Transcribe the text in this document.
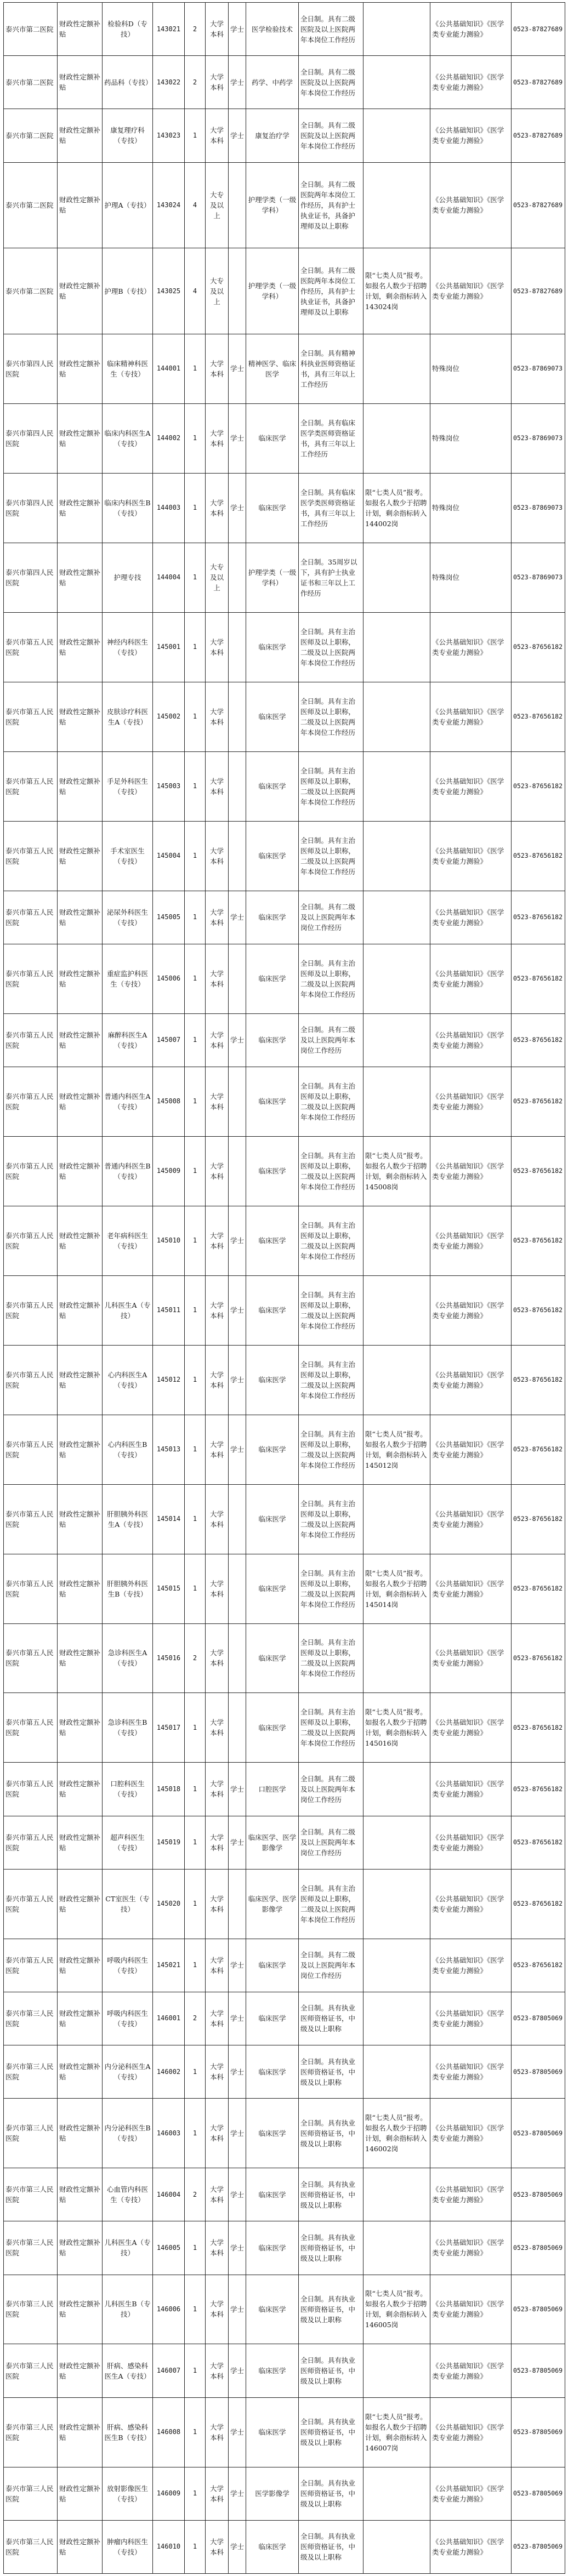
泰兴市第二医院	财政性定额补贴	检验科D（专技）	143021	2	大学本科	学士	医学检验技术	全日制。具有二级医院及以上医院两年本岗位工作经历		《公共基础知识》《医学类专业能力测验》	0523-87827689
泰兴市第二医院	财政性定额补贴	药品科（专技）	143022	2	大学本科	学士	药学、中药学	全日制。具有二级医院及以上医院两年本岗位工作经历		《公共基础知识》《医学类专业能力测验》	0523-87827689
泰兴市第二医院	财政性定额补贴	康复理疗科（专技）	143023	1	大学本科	学士	康复治疗学	全日制。具有二级医院及以上医院两年本岗位工作经历		《公共基础知识》《医学类专业能力测验》	0523-87827689
泰兴市第二医院	财政性定额补贴	护理A（专技）	143024	4	大专及以上		护理学类（一级学科）	全日制。具有二级医院两年本岗位工作经历，具有护士执业证书，具备护理师及以上职称		《公共基础知识》《医学类专业能力测验》	0523-87827689
泰兴市第二医院	财政性定额补贴	护理B（专技）	143025	4	大专及以上		护理学类（一级学科）	全日制。具有二级医院两年本岗位工作经历，具有护士执业证书，具备护理师及以上职称	限“七类人员”报考。如报名人数少于招聘计划，剩余指标转入143024岗	《公共基础知识》《医学类专业能力测验》	0523-87827689
泰兴市第四人民医院	财政性定额补贴	临床精神科医生（专技）	144001	1	大学本科	学士	精神医学、临床医学	全日制。具有精神科执业医师资格证书，具有三年以上工作经历		特殊岗位	0523-87869073
泰兴市第四人民医院	财政性定额补贴	临床内科医生A（专技）	144002	1	大学本科	学士	临床医学	全日制。具有临床医学类医师资格证书，具有三年以上工作经历		特殊岗位	0523-87869073
泰兴市第四人民医院	财政性定额补贴	临床内科医生B（专技）	144003	1	大学本科	学士	临床医学	全日制。具有临床医学类医师资格证书，具有三年以上工作经历	限“七类人员”报考。如报名人数少于招聘计划，剩余指标转入144002岗	特殊岗位	0523-87869073
泰兴市第四人民医院	财政性定额补贴	护理专技	144004	1	大专及以上		护理学类（一级学科）	全日制。35周岁以下，具有护士执业证书和三年以上工作经历		特殊岗位	0523-87869073
泰兴市第五人民医院	财政性定额补贴	神经内科医生（专技）	145001	1	大学本科		临床医学	全日制。具有主治医师及以上职称，二级及以上医院两年本岗位工作经历		《公共基础知识》《医学类专业能力测验》	0523-87656182
泰兴市第五人民医院	财政性定额补贴	皮肤诊疗科医生A（专技）	145002	1	大学本科		临床医学	全日制。具有主治医师及以上职称，二级及以上医院两年本岗位工作经历		《公共基础知识》《医学类专业能力测验》	0523-87656182
泰兴市第五人民医院	财政性定额补贴	手足外科医生（专技）	145003	1	大学本科		临床医学	全日制。具有主治医师及以上职称，二级及以上医院两年本岗位工作经历		《公共基础知识》《医学类专业能力测验》	0523-87656182
泰兴市第五人民医院	财政性定额补贴	手术室医生（专技）	145004	1	大学本科		临床医学	全日制。具有主治医师及以上职称，二级及以上医院两年本岗位工作经历		《公共基础知识》《医学类专业能力测验》	0523-87656182
泰兴市第五人民医院	财政性定额补贴	泌尿外科医生（专技）	145005	1	大学本科	学士	临床医学	全日制。具有二级及以上医院两年本岗位工作经历		《公共基础知识》《医学类专业能力测验》	0523-87656182
泰兴市第五人民医院	财政性定额补贴	重症监护科医生（专技）	145006	1	大学本科		临床医学	全日制。具有主治医师及以上职称，二级及以上医院两年本岗位工作经历		《公共基础知识》《医学类专业能力测验》	0523-87656182
泰兴市第五人民医院	财政性定额补贴	麻醉科医生A（专技）	145007	1	大学本科	学士	临床医学	全日制。具有二级及以上医院两年本岗位工作经历		《公共基础知识》《医学类专业能力测验》	0523-87656182
泰兴市第五人民医院	财政性定额补贴	普通内科医生A（专技）	145008	1	大学本科		临床医学	全日制。具有主治医师及以上职称，二级及以上医院两年本岗位工作经历		《公共基础知识》《医学类专业能力测验》	0523-87656182
泰兴市第五人民医院	财政性定额补贴	普通内科医生B（专技）	145009	1	大学本科		临床医学	全日制。具有主治医师及以上职称，二级及以上医院两年本岗位工作经历	限“七类人员”报考。如报名人数少于招聘计划，剩余指标转入145008岗	《公共基础知识》《医学类专业能力测验》	0523-87656182
泰兴市第五人民医院	财政性定额补贴	老年病科医生（专技）	145010	1	大学本科	学士	临床医学	全日制。具有主治医师及以上职称，二级及以上医院两年本岗位工作经历		《公共基础知识》《医学类专业能力测验》	0523-87656182
泰兴市第五人民医院	财政性定额补贴	儿科医生A（专技）	145011	1	大学本科	学士	临床医学	全日制。具有主治医师及以上职称，二级及以上医院两年本岗位工作经历		《公共基础知识》《医学类专业能力测验》	0523-87656182
泰兴市第五人民医院	财政性定额补贴	心内科医生A（专技）	145012	1	大学本科	学士	临床医学	全日制。具有主治医师及以上职称，二级及以上医院两年本岗位工作经历		《公共基础知识》《医学类专业能力测验》	0523-87656182
泰兴市第五人民医院	财政性定额补贴	心内科医生B（专技）	145013	1	大学本科	学士	临床医学	全日制。具有主治医师及以上职称，二级及以上医院两年本岗位工作经历	限“七类人员”报考。如报名人数少于招聘计划，剩余指标转入145012岗	《公共基础知识》《医学类专业能力测验》	0523-87656182
泰兴市第五人民医院	财政性定额补贴	肝胆胰外科医生A（专技）	145014	1	大学本科		临床医学	全日制。具有主治医师及以上职称，二级及以上医院两年本岗位工作经历		《公共基础知识》《医学类专业能力测验》	0523-87656182
泰兴市第五人民医院	财政性定额补贴	肝胆胰外科医生B（专技）	145015	1	大学本科		临床医学	全日制。具有主治医师及以上职称，二级及以上医院两年本岗位工作经历	限“七类人员”报考。如报名人数少于招聘计划，剩余指标转入145014岗	《公共基础知识》《医学类专业能力测验》	0523-87656182
泰兴市第五人民医院	财政性定额补贴	急诊科医生A（专技）	145016	2	大学本科		临床医学	全日制。具有主治医师及以上职称，二级及以上医院两年本岗位工作经历		《公共基础知识》《医学类专业能力测验》	0523-87656182
泰兴市第五人民医院	财政性定额补贴	急诊科医生B（专技）	145017	1	大学本科		临床医学	全日制。具有主治医师及以上职称，二级及以上医院两年本岗位工作经历	限“七类人员”报考。如报名人数少于招聘计划，剩余指标转入145016岗	《公共基础知识》《医学类专业能力测验》	0523-87656182
泰兴市第五人民医院	财政性定额补贴	口腔科医生（专技）	145018	1	大学本科	学士	口腔医学	全日制。具有二级及以上医院两年本岗位工作经历		《公共基础知识》《医学类专业能力测验》	0523-87656182
泰兴市第五人民医院	财政性定额补贴	超声科医生（专技）	145019	1	大学本科	学士	临床医学、医学影像学	全日制。具有二级及以上医院两年本岗位工作经历		《公共基础知识》《医学类专业能力测验》	0523-87656182
泰兴市第五人民医院	财政性定额补贴	CT室医生（专技）	145020	1	大学本科		临床医学、医学影像学	全日制。具有主治医师及以上职称，二级及以上医院两年本岗位工作经历		《公共基础知识》《医学类专业能力测验》	0523-87656182
泰兴市第五人民医院	财政性定额补贴	呼吸内科医生（专技）	145021	1	大学本科	学士	临床医学	全日制。具有二级及以上医院两年本岗位工作经历		《公共基础知识》《医学类专业能力测验》	0523-87656182
泰兴市第三人民医院	财政性定额补贴	呼吸内科医生（专技）	146001	2	大学本科	学士	临床医学	全日制。具有执业医师资格证书，中级及以上职称		《公共基础知识》《医学类专业能力测验》	0523-87805069
泰兴市第三人民医院	财政性定额补贴	内分泌科医生A（专技）	146002	1	大学本科	学士	临床医学	全日制。具有执业医师资格证书，中级及以上职称		《公共基础知识》《医学类专业能力测验》	0523-87805069
泰兴市第三人民医院	财政性定额补贴	内分泌科医生B（专技）	146003	1	大学本科	学士	临床医学	全日制。具有执业医师资格证书，中级及以上职称	限“七类人员”报考。如报名人数少于招聘计划，剩余指标转入146002岗	《公共基础知识》《医学类专业能力测验》	0523-87805069
泰兴市第三人民医院	财政性定额补贴	心血管内科医生（专技）	146004	2	大学本科	学士	临床医学	全日制。具有执业医师资格证书，中级及以上职称		《公共基础知识》《医学类专业能力测验》	0523-87805069
泰兴市第三人民医院	财政性定额补贴	儿科医生A（专技）	146005	1	大学本科	学士	临床医学	全日制。具有执业医师资格证书，中级及以上职称		《公共基础知识》《医学类专业能力测验》	0523-87805069
泰兴市第三人民医院	财政性定额补贴	儿科医生B（专技）	146006	1	大学本科	学士	临床医学	全日制。具有执业医师资格证书，中级及以上职称	限“七类人员”报考。如报名人数少于招聘计划，剩余指标转入146005岗	《公共基础知识》《医学类专业能力测验》	0523-87805069
泰兴市第三人民医院	财政性定额补贴	肝病、感染科医生A（专技）	146007	1	大学本科	学士	临床医学	全日制。具有执业医师资格证书，中级及以上职称		《公共基础知识》《医学类专业能力测验》	0523-87805069
泰兴市第三人民医院	财政性定额补贴	肝病、感染科医生B（专技）	146008	1	大学本科	学士	临床医学	全日制。具有执业医师资格证书，中级及以上职称	限“七类人员”报考。如报名人数少于招聘计划，剩余指标转入146007岗	《公共基础知识》《医学类专业能力测验》	0523-87805069
泰兴市第三人民医院	财政性定额补贴	放射影像医生（专技）	146009	1	大学本科	学士	医学影像学	全日制。具有执业医师资格证书，中级及以上职称		《公共基础知识》《医学类专业能力测验》	0523-87805069
泰兴市第三人民医院	财政性定额补贴	肿瘤内科医生（专技）	146010	1	大学本科	学士	临床医学	全日制。具有执业医师资格证书，中级及以上职称		《公共基础知识》《医学类专业能力测验》	0523-87805069
